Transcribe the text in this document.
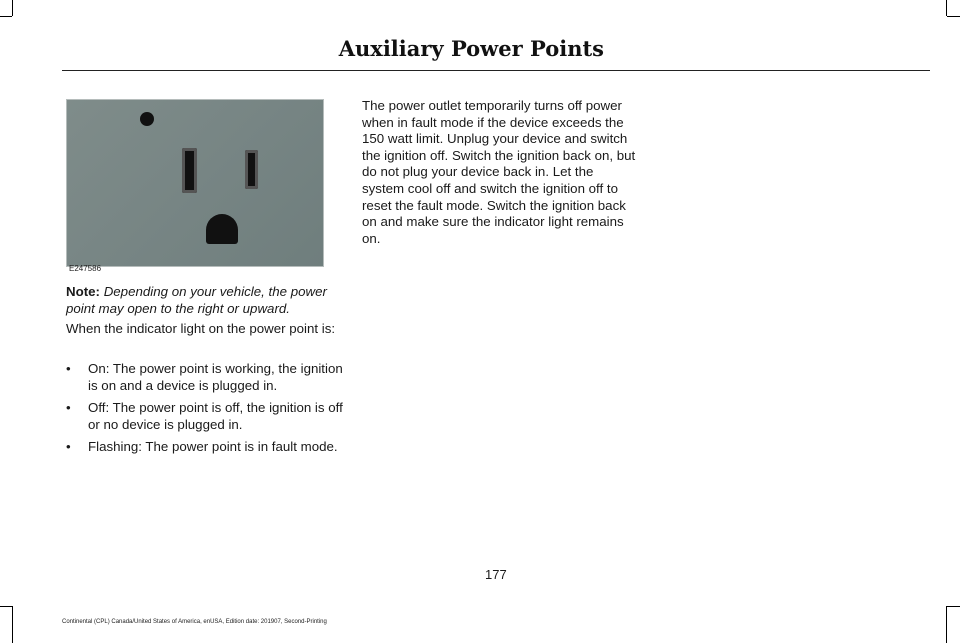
Auxiliary Power Points
E247586
Note: Depending on your vehicle, the power point may open to the right or upward.
When the indicator light on the power point is:
• On: The power point is working, the ignition is on and a device is plugged in.
• Off: The power point is off, the ignition is off or no device is plugged in.
• Flashing: The power point is in fault mode.
The power outlet temporarily turns off power when in fault mode if the device exceeds the 150 watt limit. Unplug your device and switch the ignition off. Switch the ignition back on, but do not plug your device back in. Let the system cool off and switch the ignition off to reset the fault mode. Switch the ignition back on and make sure the indicator light remains on.
177
Continental (CPL) Canada/United States of America, enUSA, Edition date: 201907, Second-Printing
